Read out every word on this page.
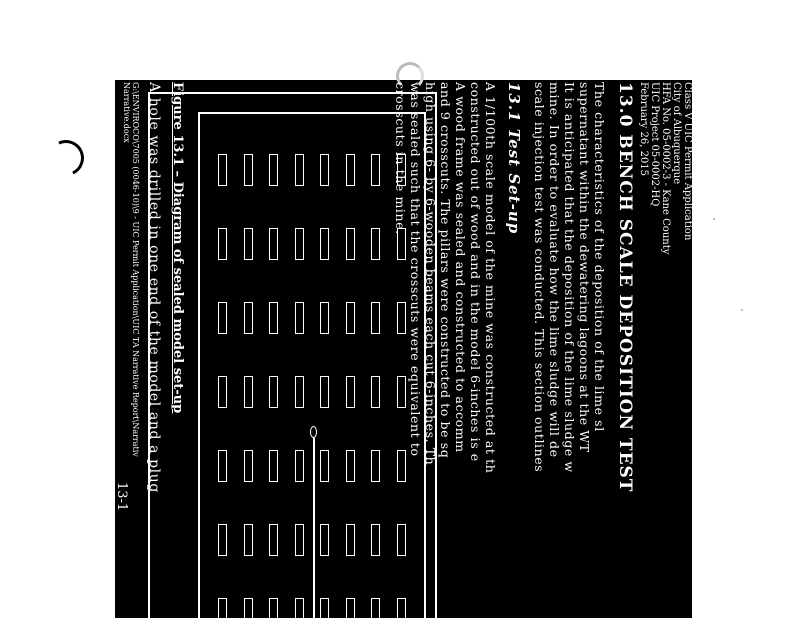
Class V UIC Permit Application
City of Albuquerque
HFA No. 05-0002-3 - Kane County
UIC Project 05-0002-HQ
February 26, 2015
13.0 BENCH SCALE DEPOSITION TEST
The characteristics of the deposition of the lime sl
supernatant within the dewatering lagoons at the WT
It is anticipated that the deposition of the lime sludge w
mine. In order to evaluate how the lime sludge will de
scale injection test was conducted. This section outlines
13.1 Test Set-up
A 1/100th scale model of the mine was constructed at th
constructed out of wood and in the model 6-inches is e
A wood frame was sealed and constructed to accomm
and 9 crosscuts. The pillars were constructed to be sq
high using 6- by 6-wooden beams each cut 6-inches. Th
was sealed such that the crosscuts were equivalent to
crosscuts in the mine.
Figure 13.1 – Diagram of sealed model set-up
A hole was drilled in one end of the model and a plug
G:\ENVIROCO\7005 (0046-10)\9 - UIC Permit Application\UIC TA Narrative Report\Narrativ
Narrative.docx
13-1
